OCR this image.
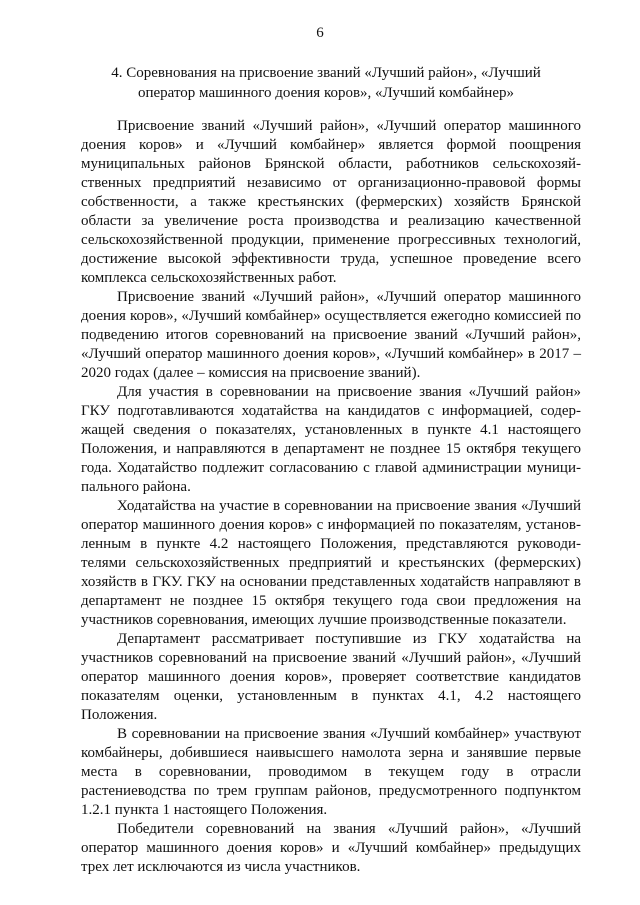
6
4. Соревнования на присвоение званий «Лучший район», «Лучший оператор машинного доения коров», «Лучший комбайнер»

Присвоение званий «Лучший район», «Лучший оператор машинного доения коров» и «Лучший комбайнер» является формой поощрения муниципальных районов Брянской области, работников сельскохозяйственных предприятий независимо от организационно-правовой формы собственности, а также крестьянских (фермерских) хозяйств Брянской области за увеличение роста производства и реализацию качественной сельскохозяйственной продукции, применение прогрессивных технологий, достижение высокой эффективности труда, успешное проведение всего комплекса сельскохозяйственных работ.

Присвоение званий «Лучший район», «Лучший оператор машинного доения коров», «Лучший комбайнер» осуществляется ежегодно комиссией по подведению итогов соревнований на присвоение званий «Лучший район», «Лучший оператор машинного доения коров», «Лучший комбайнер» в 2017 – 2020 годах (далее – комиссия на присвоение званий).

Для участия в соревновании на присвоение звания «Лучший район» ГКУ подготавливаются ходатайства на кандидатов с информацией, содержащей сведения о показателях, установленных в пункте 4.1 настоящего Положения, и направляются в департамент не позднее 15 октября текущего года. Ходатайство подлежит согласованию с главой администрации муниципального района.

Ходатайства на участие в соревновании на присвоение звания «Лучший оператор машинного доения коров» с информацией по показателям, установленным в пункте 4.2 настоящего Положения, представляются руководителями сельскохозяйственных предприятий и крестьянских (фермерских) хозяйств в ГКУ. ГКУ на основании представленных ходатайств направляют в департамент не позднее 15 октября текущего года свои предложения на участников соревнования, имеющих лучшие производственные показатели.

Департамент рассматривает поступившие из ГКУ ходатайства на участников соревнований на присвоение званий «Лучший район», «Лучший оператор машинного доения коров», проверяет соответствие кандидатов показателям оценки, установленным в пунктах 4.1, 4.2 настоящего Положения.

В соревновании на присвоение звания «Лучший комбайнер» участвуют комбайнеры, добившиеся наивысшего намолота зерна и занявшие первые места в соревновании, проводимом в текущем году в отрасли растениеводства по трем группам районов, предусмотренного подпунктом 1.2.1 пункта 1 настоящего Положения.

Победители соревнований на звания «Лучший район», «Лучший оператор машинного доения коров» и «Лучший комбайнер» предыдущих трех лет исключаются из числа участников.
